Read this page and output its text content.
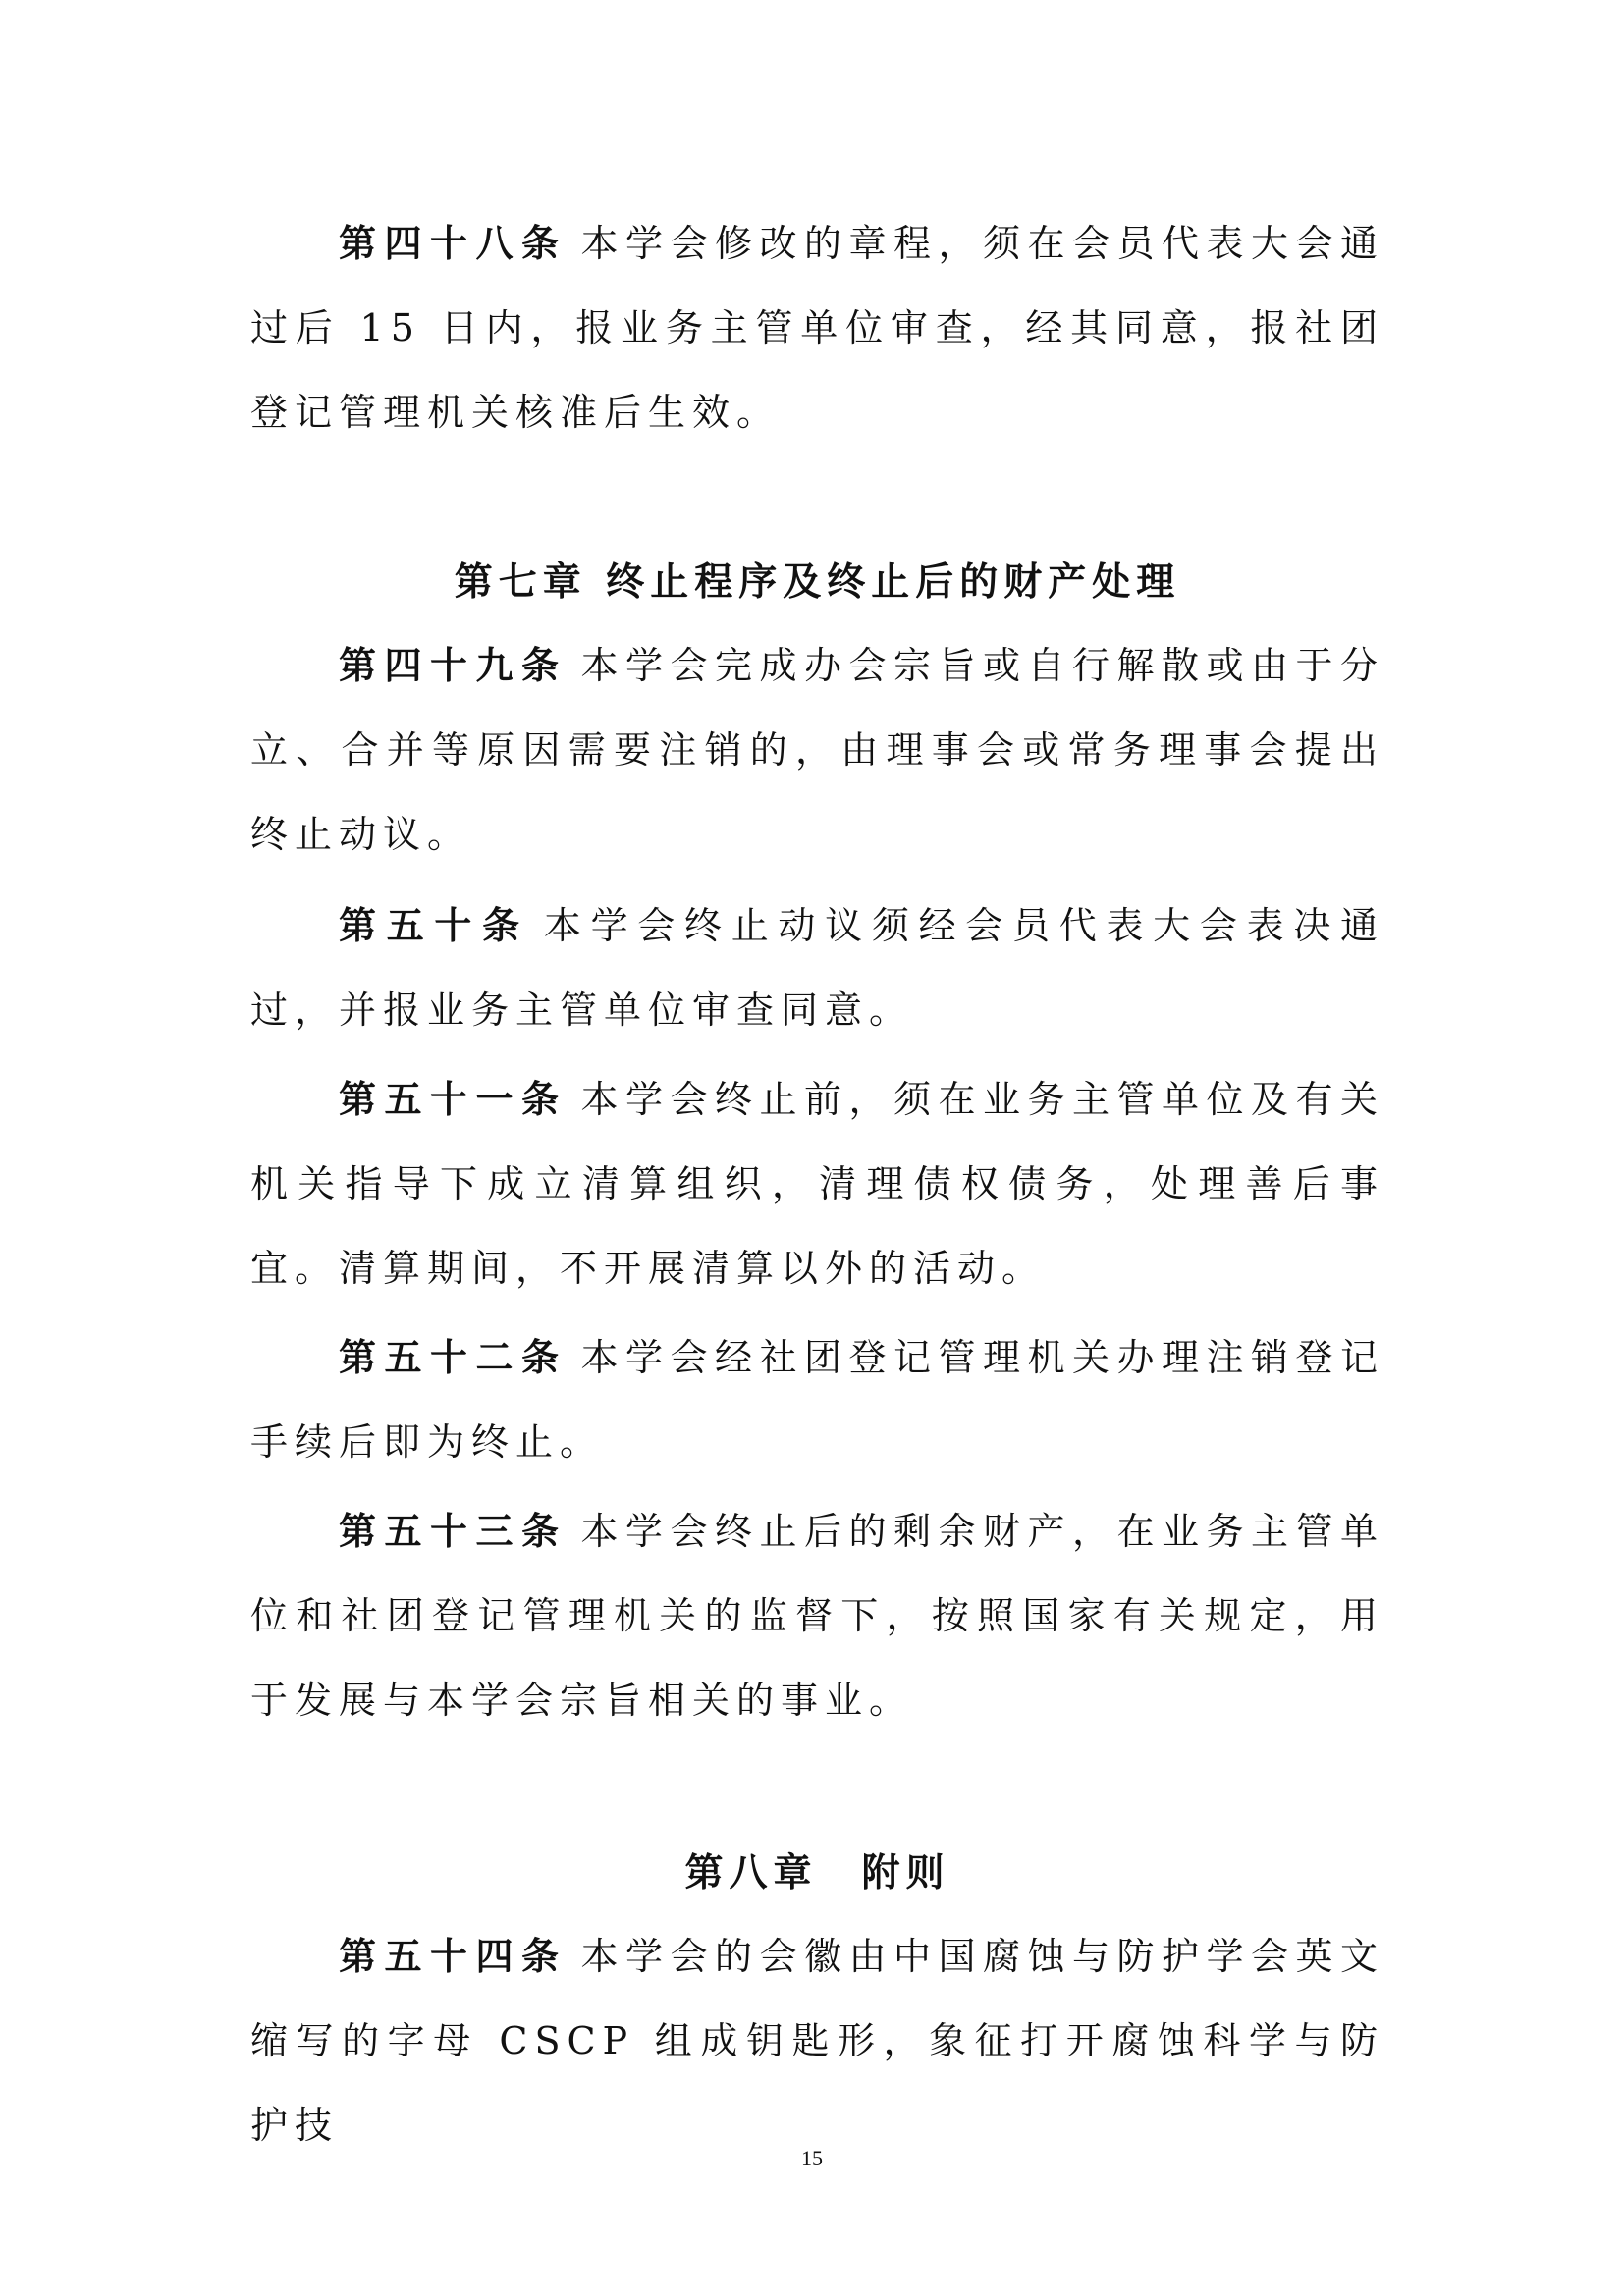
第四十八条 本学会修改的章程，须在会员代表大会通过后 15 日内，报业务主管单位审查，经其同意，报社团登记管理机关核准后生效。

第七章 终止程序及终止后的财产处理

第四十九条 本学会完成办会宗旨或自行解散或由于分立、合并等原因需要注销的，由理事会或常务理事会提出终止动议。

第五十条 本学会终止动议须经会员代表大会表决通过，并报业务主管单位审查同意。

第五十一条 本学会终止前，须在业务主管单位及有关机关指导下成立清算组织，清理债权债务，处理善后事宜。清算期间，不开展清算以外的活动。

第五十二条 本学会经社团登记管理机关办理注销登记手续后即为终止。

第五十三条 本学会终止后的剩余财产，在业务主管单位和社团登记管理机关的监督下，按照国家有关规定，用于发展与本学会宗旨相关的事业。

第八章　附则

第五十四条 本学会的会徽由中国腐蚀与防护学会英文缩写的字母 CSCP 组成钥匙形，象征打开腐蚀科学与防护技

15
